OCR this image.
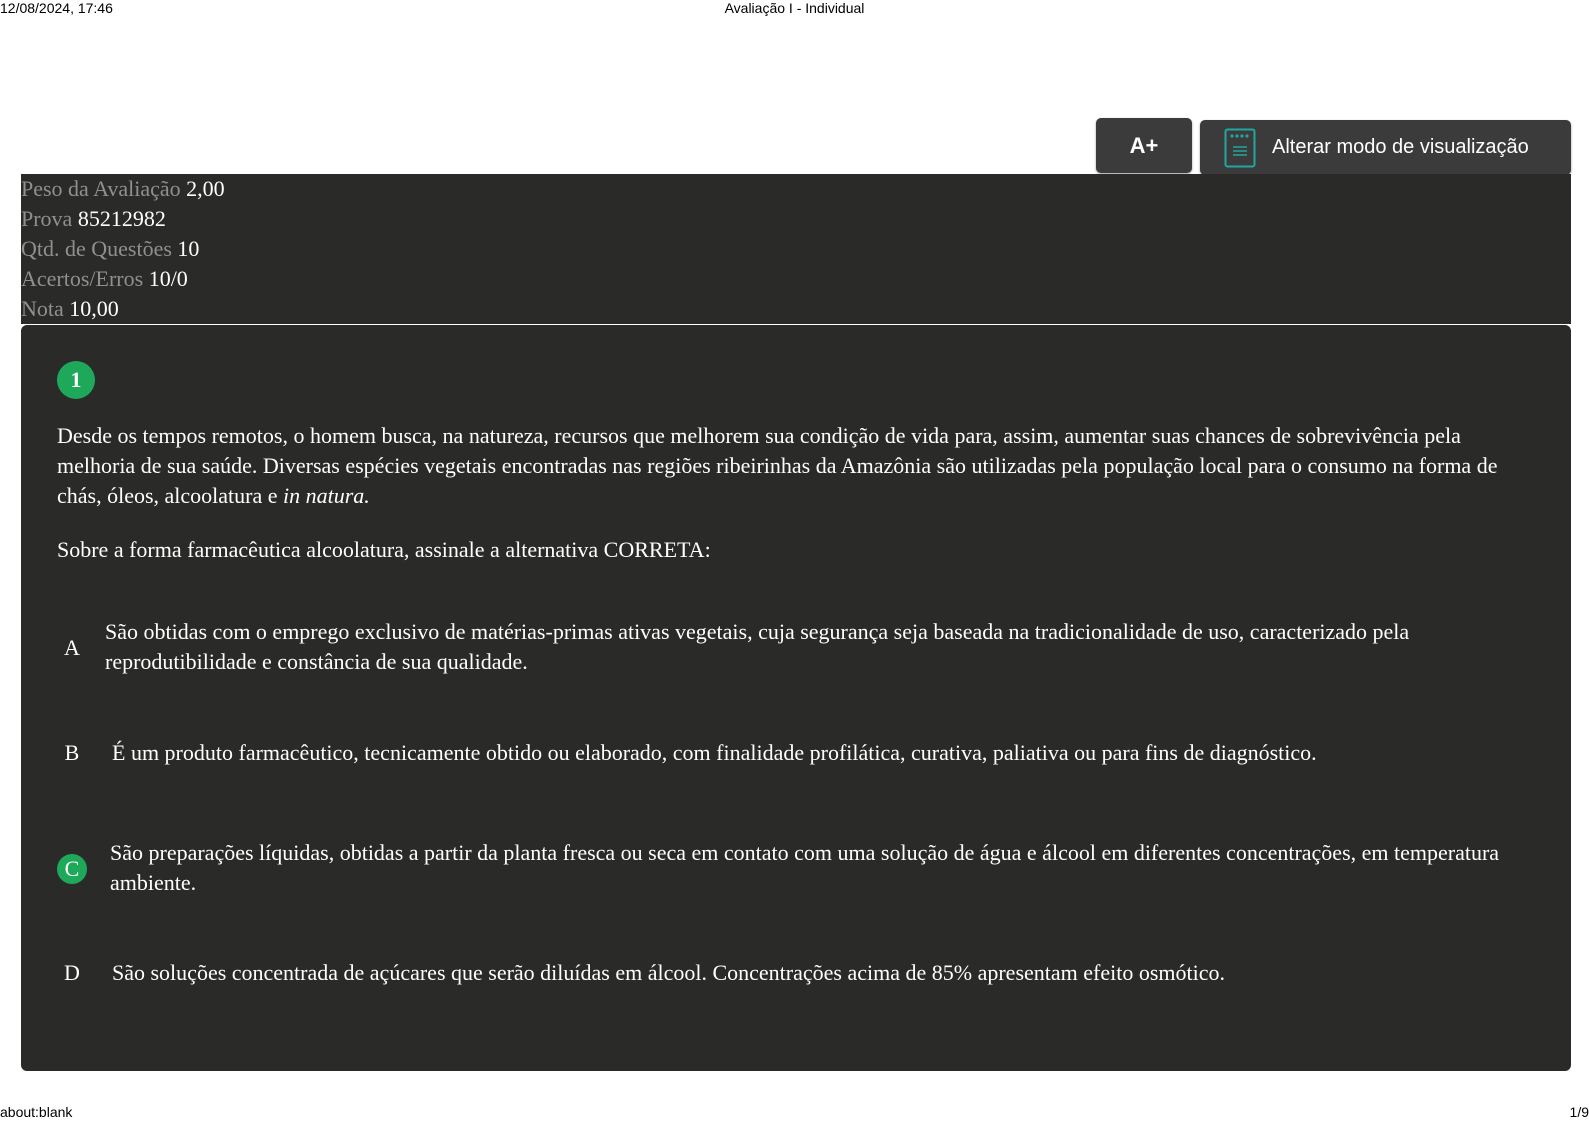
12/08/2024, 17:46	Avaliação I - Individual
A+	Alterar modo de visualização
Peso da Avaliação 2,00
Prova 85212982
Qtd. de Questões 10
Acertos/Erros 10/0
Nota 10,00
1

Desde os tempos remotos, o homem busca, na natureza, recursos que melhorem sua condição de vida para, assim, aumentar suas chances de sobrevivência pela melhoria de sua saúde. Diversas espécies vegetais encontradas nas regiões ribeirinhas da Amazônia são utilizadas pela população local para o consumo na forma de chás, óleos, alcoolatura e in natura.

Sobre a forma farmacêutica alcoolatura, assinale a alternativa CORRETA:
A
São obtidas com o emprego exclusivo de matérias-primas ativas vegetais, cuja segurança seja baseada na tradicionalidade de uso, caracterizado pela reprodutibilidade e constância de sua qualidade.
B	É um produto farmacêutico, tecnicamente obtido ou elaborado, com finalidade profilática, curativa, paliativa ou para fins de diagnóstico.
C
São preparações líquidas, obtidas a partir da planta fresca ou seca em contato com uma solução de água e álcool em diferentes concentrações, em temperatura ambiente.
D	São soluções concentrada de açúcares que serão diluídas em álcool. Concentrações acima de 85% apresentam efeito osmótico.
about:blank	1/9
